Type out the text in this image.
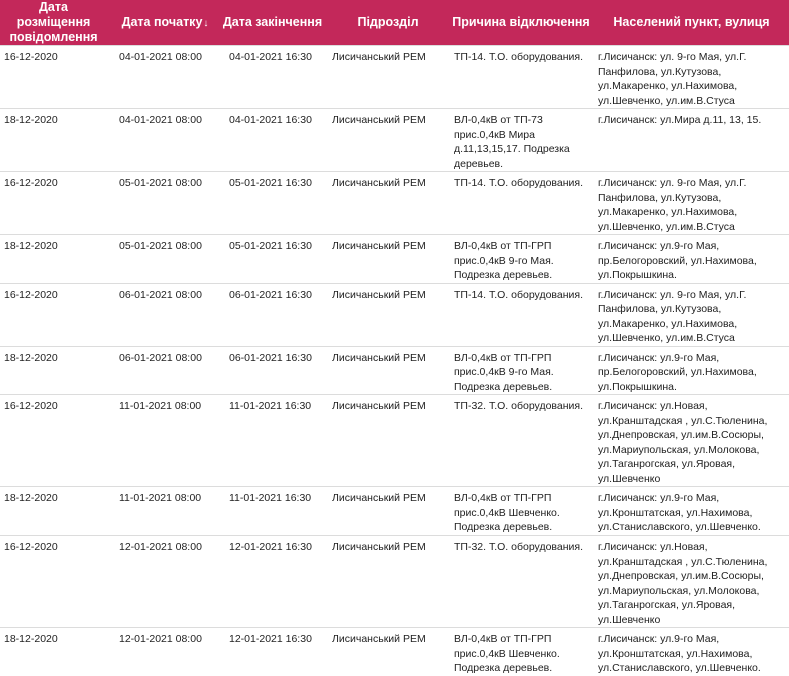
Дата розміщення повідомлення	Дата початку↓	Дата закінчення	Підрозділ	Причина відключення	Населений пункт, вулиця
16-12-2020	04-01-2021 08:00	04-01-2021 16:30	Лисичанський РЕМ	ТП-14. Т.О. оборудования.	г.Лисичанск: ул. 9-го Мая, ул.Г. Панфилова, ул.Кутузова, ул.Макаренко, ул.Нахимова, ул.Шевченко, ул.им.В.Стуса
18-12-2020	04-01-2021 08:00	04-01-2021 16:30	Лисичанський РЕМ	ВЛ-0,4кВ от ТП-73 прис.0,4кВ Мира д.11,13,15,17. Подрезка деревьев.	г.Лисичанск: ул.Мира д.11, 13, 15.
16-12-2020	05-01-2021 08:00	05-01-2021 16:30	Лисичанський РЕМ	ТП-14. Т.О. оборудования.	г.Лисичанск: ул. 9-го Мая, ул.Г. Панфилова, ул.Кутузова, ул.Макаренко, ул.Нахимова, ул.Шевченко, ул.им.В.Стуса
18-12-2020	05-01-2021 08:00	05-01-2021 16:30	Лисичанський РЕМ	ВЛ-0,4кВ от ТП-ГРП прис.0,4кВ 9-го Мая. Подрезка деревьев.	г.Лисичанск: ул.9-го Мая, пр.Белогоровский, ул.Нахимова, ул.Покрышкина.
16-12-2020	06-01-2021 08:00	06-01-2021 16:30	Лисичанський РЕМ	ТП-14. Т.О. оборудования.	г.Лисичанск: ул. 9-го Мая, ул.Г. Панфилова, ул.Кутузова, ул.Макаренко, ул.Нахимова, ул.Шевченко, ул.им.В.Стуса
18-12-2020	06-01-2021 08:00	06-01-2021 16:30	Лисичанський РЕМ	ВЛ-0,4кВ от ТП-ГРП прис.0,4кВ 9-го Мая. Подрезка деревьев.	г.Лисичанск: ул.9-го Мая, пр.Белогоровский, ул.Нахимова, ул.Покрышкина.
16-12-2020	11-01-2021 08:00	11-01-2021 16:30	Лисичанський РЕМ	ТП-32. Т.О. оборудования.	г.Лисичанск: ул.Новая, ул.Кранштадская , ул.С.Тюленина, ул.Днепровская, ул.им.В.Сосюры, ул.Мариупольская, ул.Молокова, ул.Таганрогская, ул.Яровая, ул.Шевченко
18-12-2020	11-01-2021 08:00	11-01-2021 16:30	Лисичанський РЕМ	ВЛ-0,4кВ от ТП-ГРП прис.0,4кВ Шевченко. Подрезка деревьев.	г.Лисичанск: ул.9-го Мая, ул.Кронштатская, ул.Нахимова, ул.Станиславского, ул.Шевченко.
16-12-2020	12-01-2021 08:00	12-01-2021 16:30	Лисичанський РЕМ	ТП-32. Т.О. оборудования.	г.Лисичанск: ул.Новая, ул.Кранштадская , ул.С.Тюленина, ул.Днепровская, ул.им.В.Сосюры, ул.Мариупольская, ул.Молокова, ул.Таганрогская, ул.Яровая, ул.Шевченко
18-12-2020	12-01-2021 08:00	12-01-2021 16:30	Лисичанський РЕМ	ВЛ-0,4кВ от ТП-ГРП прис.0,4кВ Шевченко. Подрезка деревьев.	г.Лисичанск: ул.9-го Мая, ул.Кронштатская, ул.Нахимова, ул.Станиславского, ул.Шевченко.
